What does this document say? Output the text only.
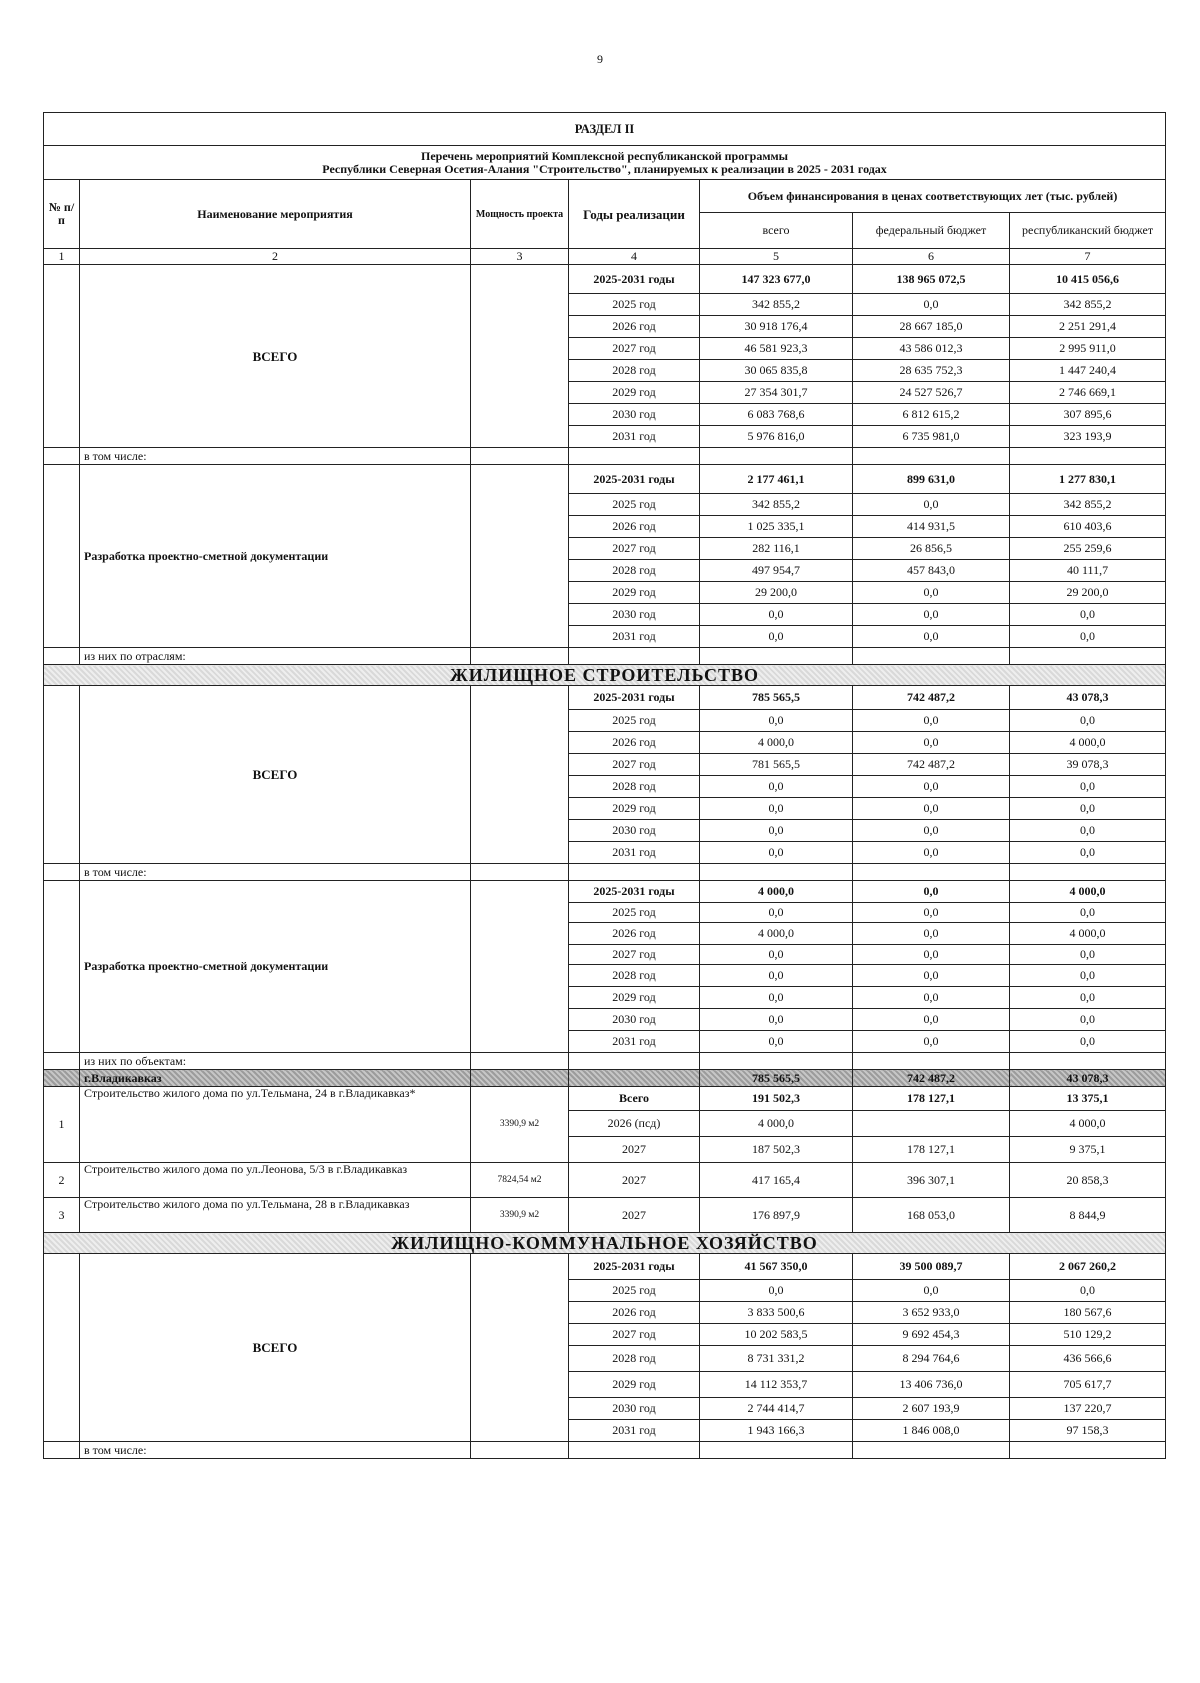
9
РАЗДЕЛ II						

Перечень мероприятий Комплексной республиканской программы
Республики Северная Осетия-Алания "Строительство", планируемых к реализации в 2025 - 2031 годах						

№ п/п	Наименование мероприятия	Мощность проекта	Годы реализации	Объем финансирования в ценах соответствующих лет (тыс. рублей)		
				всего	федеральный бюджет	республиканский бюджет
1	2	3	4	5	6	7
	ВСЕГО		2025-2031 годы	147 323 677,0	138 965 072,5	10 415 056,6
			2025 год	342 855,2	0,0	342 855,2
			2026 год	30 918 176,4	28 667 185,0	2 251 291,4
			2027 год	46 581 923,3	43 586 012,3	2 995 911,0
			2028 год	30 065 835,8	28 635 752,3	1 447 240,4
			2029 год	27 354 301,7	24 527 526,7	2 746 669,1
			2030 год	6 083 768,6	6 812 615,2	307 895,6
			2031 год	5 976 816,0	6 735 981,0	323 193,9
	в том числе:					
	Разработка проектно-сметной документации		2025-2031 годы	2 177 461,1	899 631,0	1 277 830,1
			2025 год	342 855,2	0,0	342 855,2
			2026 год	1 025 335,1	414 931,5	610 403,6
			2027 год	282 116,1	26 856,5	255 259,6
			2028 год	497 954,7	457 843,0	40 111,7
			2029 год	29 200,0	0,0	29 200,0
			2030 год	0,0	0,0	0,0
			2031 год	0,0	0,0	0,0
	из них по отраслям:					
ЖИЛИЩНОЕ СТРОИТЕЛЬСТВО						
	ВСЕГО		2025-2031 годы	785 565,5	742 487,2	43 078,3
			2025 год	0,0	0,0	0,0
			2026 год	4 000,0	0,0	4 000,0
			2027 год	781 565,5	742 487,2	39 078,3
			2028 год	0,0	0,0	0,0
			2029 год	0,0	0,0	0,0
			2030 год	0,0	0,0	0,0
			2031 год	0,0	0,0	0,0
	в том числе:					
	Разработка проектно-сметной документации		2025-2031 годы	4 000,0	0,0	4 000,0
			2025 год	0,0	0,0	0,0
			2026 год	4 000,0	0,0	4 000,0
			2027 год	0,0	0,0	0,0
			2028 год	0,0	0,0	0,0
			2029 год	0,0	0,0	0,0
			2030 год	0,0	0,0	0,0
			2031 год	0,0	0,0	0,0
	из них по объектам:					
	г.Владикавказ			785 565,5	742 487,2	43 078,3
1	Строительство жилого дома по ул.Тельмана, 24 в г.Владикавказ*	3390,9 м2	Всего	191 502,3	178 127,1	13 375,1
			2026 (псд)	4 000,0		4 000,0
			2027	187 502,3	178 127,1	9 375,1
2	Строительство жилого дома по ул.Леонова, 5/3 в г.Владикавказ	7824,54 м2	2027	417 165,4	396 307,1	20 858,3
3	Строительство жилого дома по ул.Тельмана, 28 в г.Владикавказ	3390,9 м2	2027	176 897,9	168 053,0	8 844,9
ЖИЛИЩНО-КОММУНАЛЬНОЕ ХОЗЯЙСТВО						
	ВСЕГО		2025-2031 годы	41 567 350,0	39 500 089,7	2 067 260,2
			2025 год	0,0	0,0	0,0
			2026 год	3 833 500,6	3 652 933,0	180 567,6
			2027 год	10 202 583,5	9 692 454,3	510 129,2
			2028 год	8 731 331,2	8 294 764,6	436 566,6
			2029 год	14 112 353,7	13 406 736,0	705 617,7
			2030 год	2 744 414,7	2 607 193,9	137 220,7
			2031 год	1 943 166,3	1 846 008,0	97 158,3
	в том числе:					
